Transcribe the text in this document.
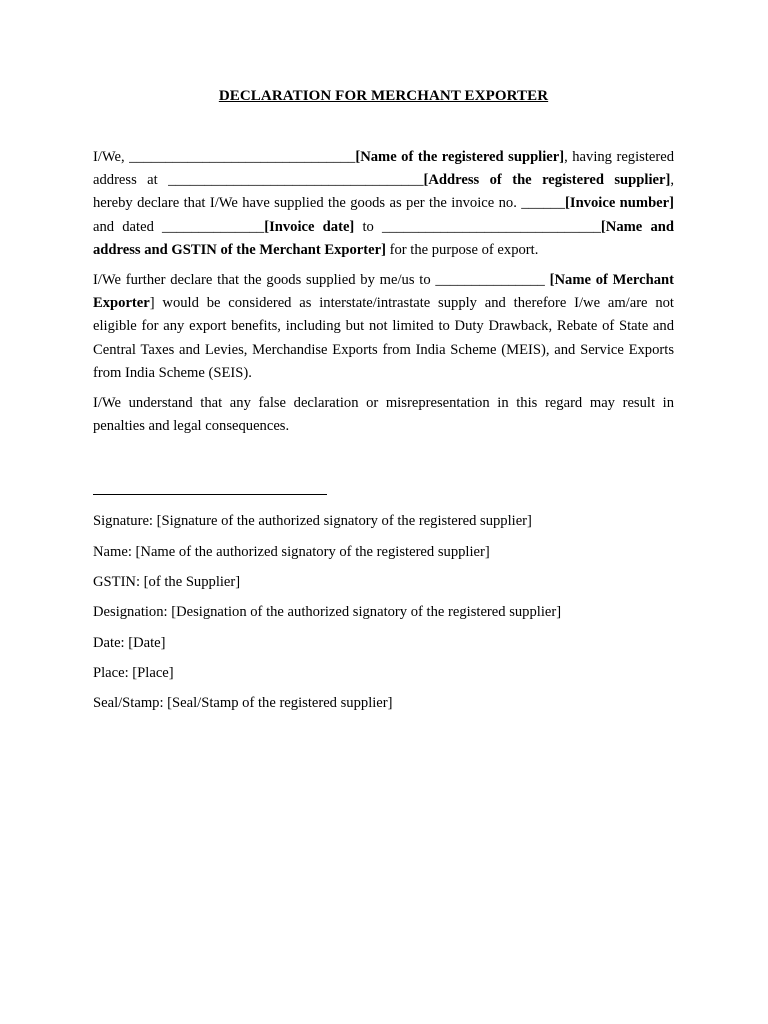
DECLARATION FOR MERCHANT EXPORTER

I/We, _______________________________[Name of the registered supplier], having registered address at ___________________________________[Address of the registered supplier], hereby declare that I/We have supplied the goods as per the invoice no. ______[Invoice number] and dated ______________[Invoice date] to ______________________________[Name and address and GSTIN of the Merchant Exporter] for the purpose of export.

I/We further declare that the goods supplied by me/us to _______________ [Name of Merchant Exporter] would be considered as interstate/intrastate supply and therefore I/we am/are not eligible for any export benefits, including but not limited to Duty Drawback, Rebate of State and Central Taxes and Levies, Merchandise Exports from India Scheme (MEIS), and Service Exports from India Scheme (SEIS).

I/We understand that any false declaration or misrepresentation in this regard may result in penalties and legal consequences.

Signature: [Signature of the authorized signatory of the registered supplier]
Name: [Name of the authorized signatory of the registered supplier]
GSTIN: [of the Supplier]
Designation: [Designation of the authorized signatory of the registered supplier]
Date: [Date]
Place: [Place]
Seal/Stamp: [Seal/Stamp of the registered supplier]
